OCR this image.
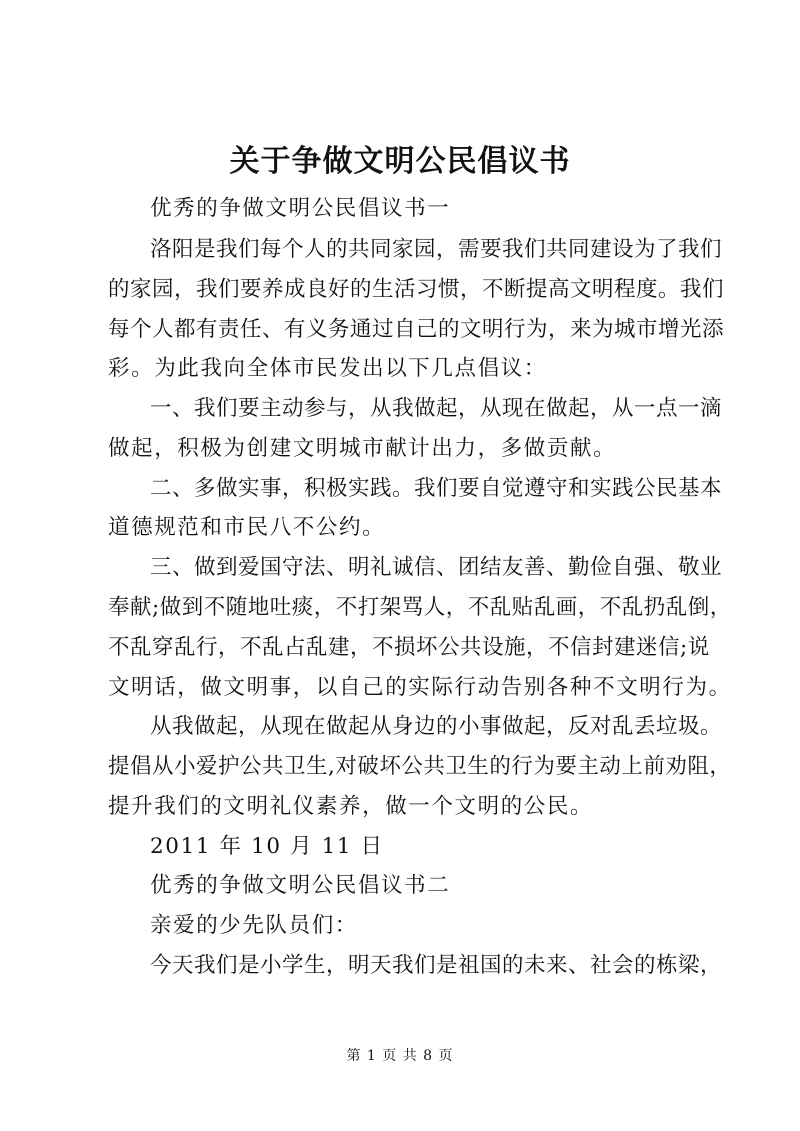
关于争做文明公民倡议书
优秀的争做文明公民倡议书一
洛阳是我们每个人的共同家园，需要我们共同建设为了我们
的家园，我们要养成良好的生活习惯，不断提高文明程度。我们
每个人都有责任、有义务通过自己的文明行为，来为城市增光添
彩。为此我向全体市民发出以下几点倡议：
一、我们要主动参与，从我做起，从现在做起，从一点一滴
做起，积极为创建文明城市献计出力，多做贡献。
二、多做实事，积极实践。我们要自觉遵守和实践公民基本
道德规范和市民八不公约。
三、做到爱国守法、明礼诚信、团结友善、勤俭自强、敬业
奉献;做到不随地吐痰，不打架骂人，不乱贴乱画，不乱扔乱倒，
不乱穿乱行，不乱占乱建，不损坏公共设施，不信封建迷信;说
文明话，做文明事，以自己的实际行动告别各种不文明行为。
从我做起，从现在做起从身边的小事做起，反对乱丢垃圾。
提倡从小爱护公共卫生,对破坏公共卫生的行为要主动上前劝阻，
提升我们的文明礼仪素养，做一个文明的公民。
2011 年 10 月 11 日
优秀的争做文明公民倡议书二
亲爱的少先队员们：
今天我们是小学生，明天我们是祖国的未来、社会的栋梁，
第 1 页 共 8 页
